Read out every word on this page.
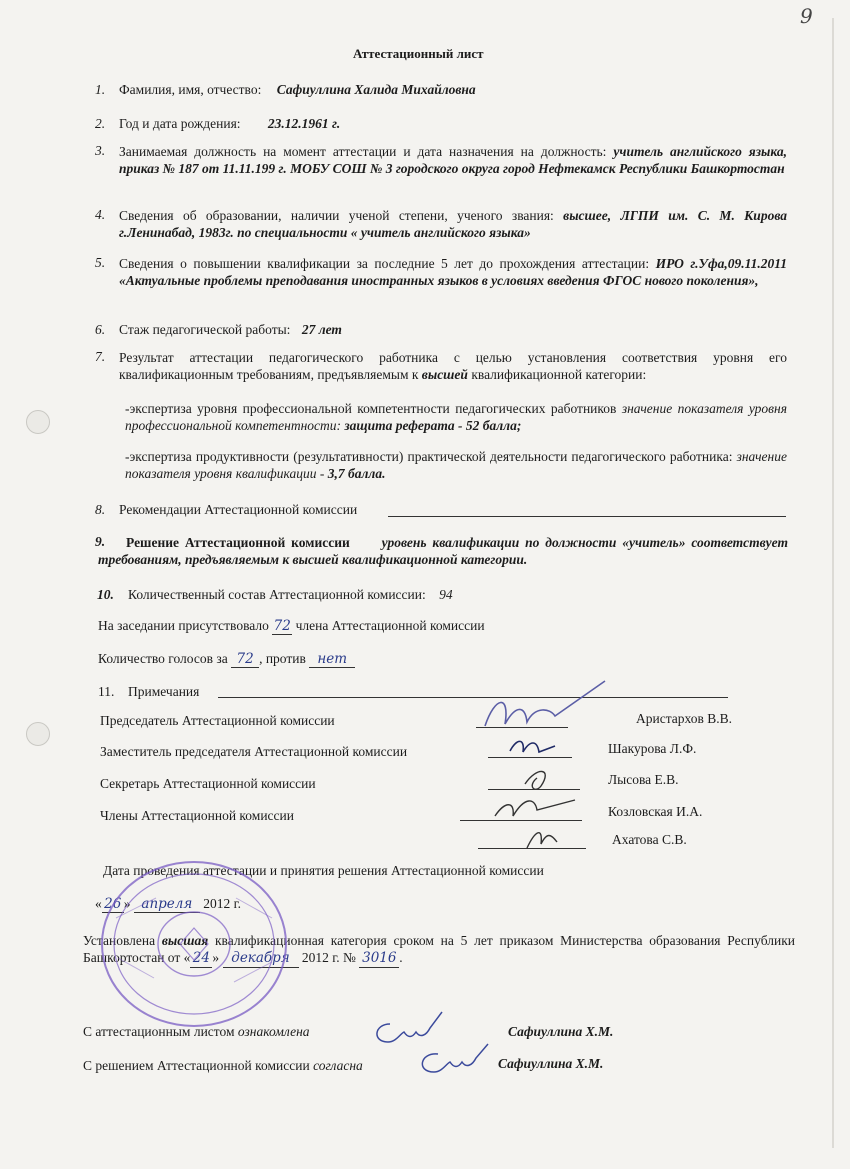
9
Аттестационный лист
1. Фамилия, имя, отчество: Сафиуллина Халида Михайловна
2. Год и дата рождения: 23.12.1961 г.
3. Занимаемая должность на момент аттестации и дата назначения на должность: учитель английского языка, приказ № 187 от 11.11.199 г. МОБУ СОШ № 3 городского округа город Нефтекамск Республики Башкортостан
4. Сведения об образовании, наличии ученой степени, ученого звания: высшее, ЛГПИ им. С. М. Кирова г.Ленинабад, 1983г. по специальности « учитель английского языка»
5. Сведения о повышении квалификации за последние 5 лет до прохождения аттестации: ИРО г.Уфа,09.11.2011 «Актуальные проблемы преподавания иностранных языков в условиях введения ФГОС нового поколения»,
6. Стаж педагогической работы: 27 лет
7. Результат аттестации педагогического работника с целью установления соответствия уровня его квалификационным требованиям, предъявляемым к высшей квалификационной категории:
-экспертиза уровня профессиональной компетентности педагогических работников значение показателя уровня профессиональной компетентности: защита реферата - 52 балла;
-экспертиза продуктивности (результативности) практической деятельности педагогического работника: значение показателя уровня квалификации - 3,7 балла.
8. Рекомендации Аттестационной комиссии
9.	Решение Аттестационной комиссии уровень квалификации по должности «учитель» соответствует требованиям, предъявляемым к высшей квалификационной категории.
10. Количественный состав Аттестационной комиссии: 94
На заседании присутствовало 72 члена Аттестационной комиссии
Количество голосов за 72 , против нет
11. Примечания
Председатель Аттестационной комиссии	Аристархов В.В.
Заместитель председателя Аттестационной комиссии	Шакурова Л.Ф.
Секретарь Аттестационной комиссии	Лысова Е.В.
Члены Аттестационной комиссии	Козловская И.А.
Ахатова С.В.
Дата проведения аттестации и принятия решения Аттестационной комиссии
« 26 » апреля 2012 г.
Установлена высшая квалификационная категория сроком на 5 лет приказом Министерства образования Республики Башкортостан от « 24 » декабря 2012 г. № 3016 .
С аттестационным листом ознакомлена	Сафиуллина Х.М.
С решением Аттестационной комиссии согласна	Сафиуллина Х.М.
